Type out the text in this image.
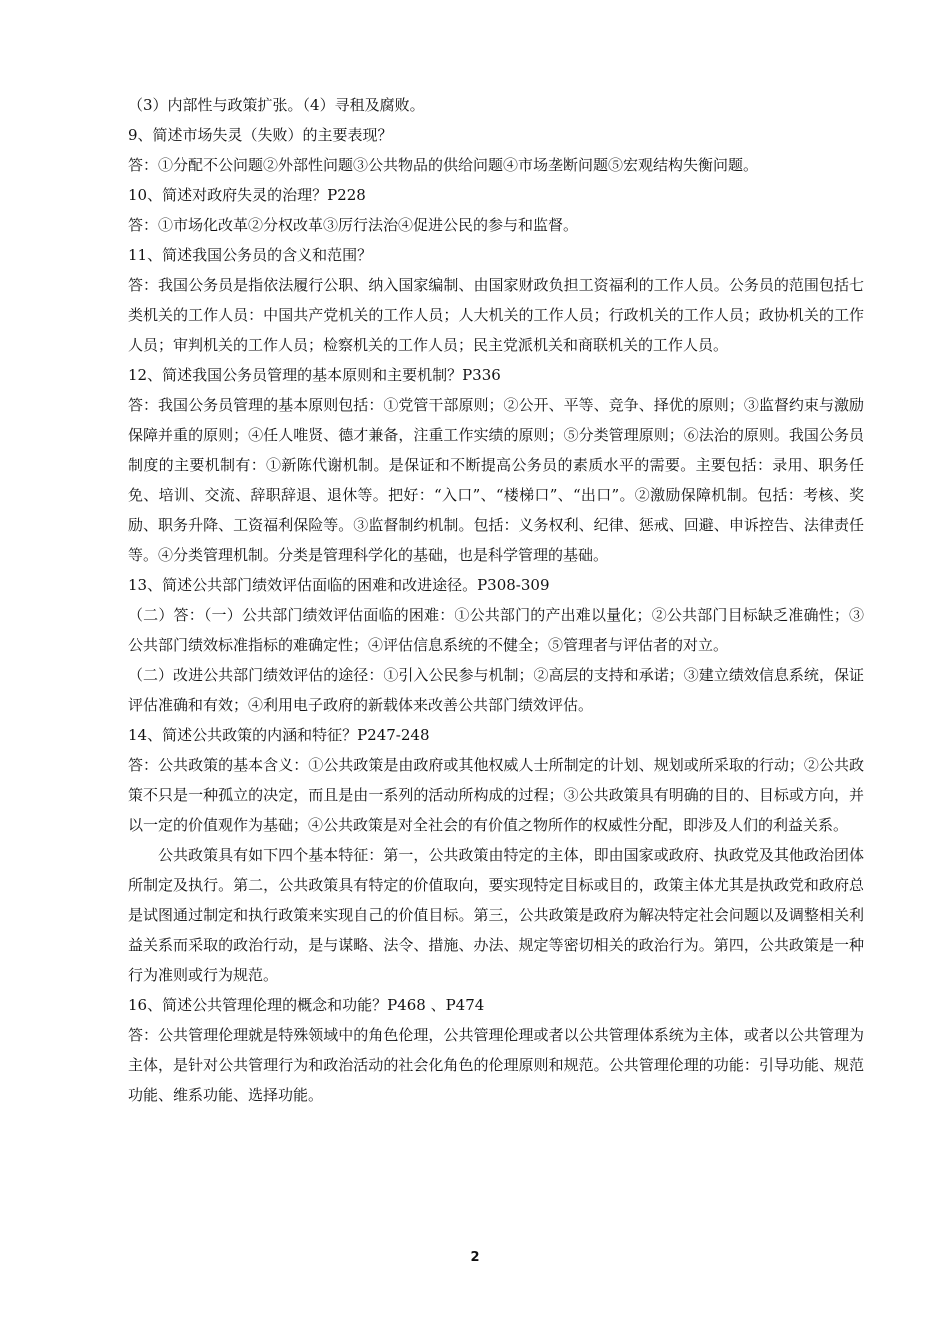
（3）内部性与政策扩张。（4）寻租及腐败。

9、简述市场失灵（失败）的主要表现？

答：①分配不公问题②外部性问题③公共物品的供给问题④市场垄断问题⑤宏观结构失衡问题。

10、简述对政府失灵的治理？P228

答：①市场化改革②分权改革③厉行法治④促进公民的参与和监督。

11、简述我国公务员的含义和范围？

答：我国公务员是指依法履行公职、纳入国家编制、由国家财政负担工资福利的工作人员。公务员的范围包括七类机关的工作人员：中国共产党机关的工作人员；人大机关的工作人员；行政机关的工作人员；政协机关的工作人员；审判机关的工作人员；检察机关的工作人员；民主党派机关和商联机关的工作人员。

12、简述我国公务员管理的基本原则和主要机制？P336

答：我国公务员管理的基本原则包括：①党管干部原则；②公开、平等、竞争、择优的原则；③监督约束与激励保障并重的原则；④任人唯贤、德才兼备，注重工作实绩的原则；⑤分类管理原则；⑥法治的原则。我国公务员制度的主要机制有：①新陈代谢机制。是保证和不断提高公务员的素质水平的需要。主要包括：录用、职务任免、培训、交流、辞职辞退、退休等。把好：“入口”、“楼梯口”、“出口”。②激励保障机制。包括：考核、奖励、职务升降、工资福利保险等。③监督制约机制。包括：义务权利、纪律、惩戒、回避、申诉控告、法律责任等。④分类管理机制。分类是管理科学化的基础，也是科学管理的基础。

13、简述公共部门绩效评估面临的困难和改进途径。P308-309

（二）答：（一）公共部门绩效评估面临的困难：①公共部门的产出难以量化；②公共部门目标缺乏准确性；③公共部门绩效标准指标的难确定性；④评估信息系统的不健全；⑤管理者与评估者的对立。

（二）改进公共部门绩效评估的途径：①引入公民参与机制；②高层的支持和承诺；③建立绩效信息系统，保证评估准确和有效；④利用电子政府的新载体来改善公共部门绩效评估。

14、简述公共政策的内涵和特征？P247-248

答：公共政策的基本含义：①公共政策是由政府或其他权威人士所制定的计划、规划或所采取的行动；②公共政策不只是一种孤立的决定，而且是由一系列的活动所构成的过程；③公共政策具有明确的目的、目标或方向，并以一定的价值观作为基础；④公共政策是对全社会的有价值之物所作的权威性分配，即涉及人们的利益关系。

公共政策具有如下四个基本特征：第一，公共政策由特定的主体，即由国家或政府、执政党及其他政治团体所制定及执行。第二，公共政策具有特定的价值取向，要实现特定目标或目的，政策主体尤其是执政党和政府总是试图通过制定和执行政策来实现自己的价值目标。第三，公共政策是政府为解决特定社会问题以及调整相关利益关系而采取的政治行动，是与谋略、法令、措施、办法、规定等密切相关的政治行为。第四，公共政策是一种行为准则或行为规范。

16、简述公共管理伦理的概念和功能？P468 、P474

答：公共管理伦理就是特殊领域中的角色伦理，公共管理伦理或者以公共管理体系统为主体，或者以公共管理为主体，是针对公共管理行为和政治活动的社会化角色的伦理原则和规范。公共管理伦理的功能：引导功能、规范功能、维系功能、选择功能。

2
